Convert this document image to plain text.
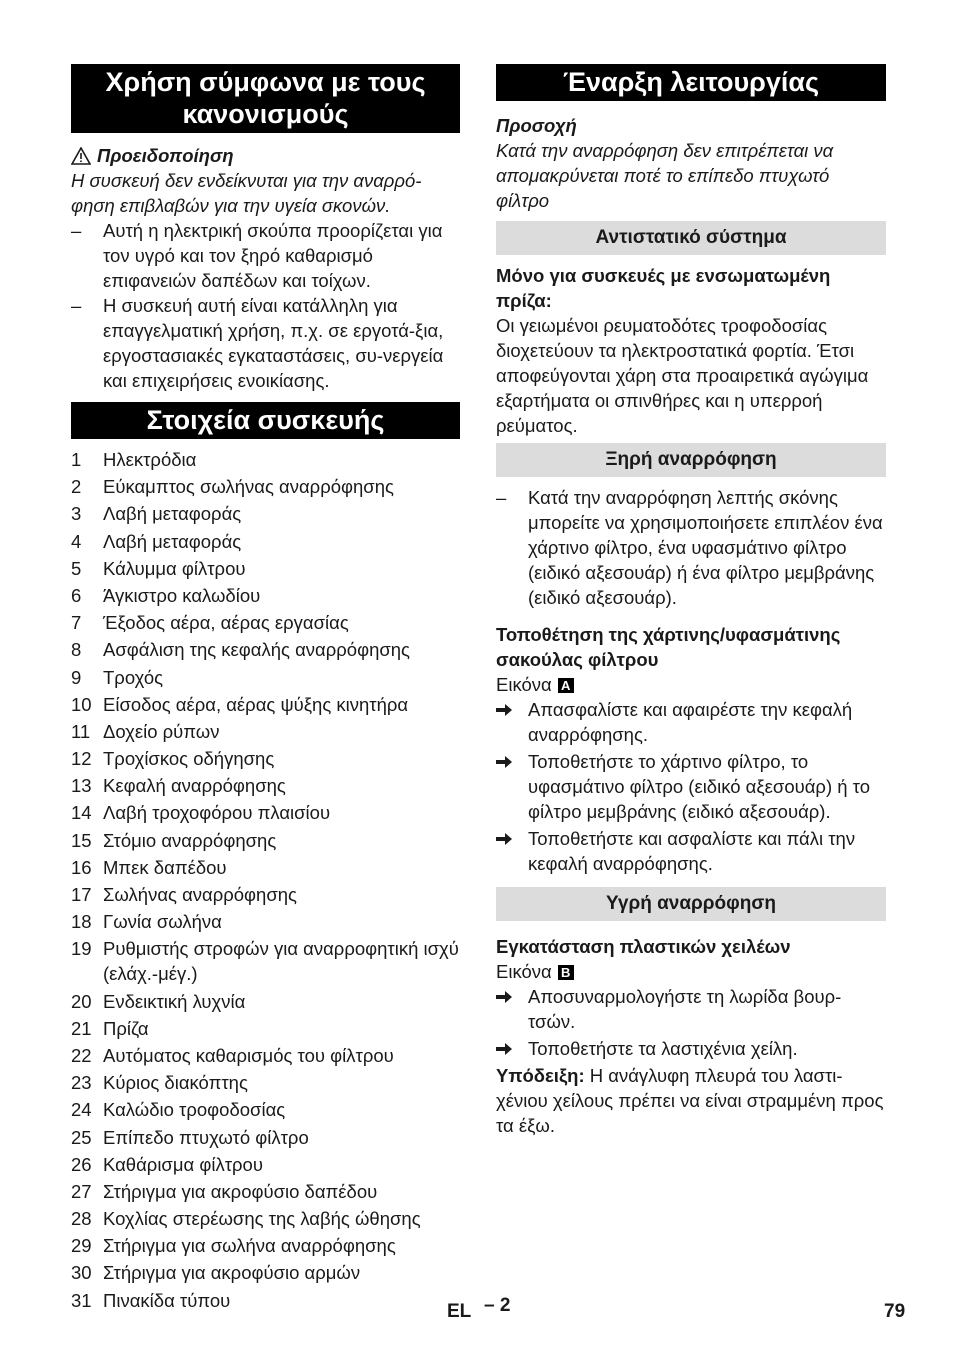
Χρήση σύμφωνα με τους κανονισμούς
Προειδοποίηση

Η συσκευή δεν ενδείκνυται για την αναρρό-φηση επιβλαβών για την υγεία σκονών.

–	Αυτή η ηλεκτρική σκούπα προορίζεται για τον υγρό και τον ξηρό καθαρισμό επιφανειών δαπέδων και τοίχων.
–	Η συσκευή αυτή είναι κατάλληλη για επαγγελματική χρήση, π.χ. σε εργοτά-ξια, εργοστασιακές εγκαταστάσεις, συ-νεργεία και επιχειρήσεις ενοικίασης.
Στοιχεία συσκευής
1 Ηλεκτρόδια
2 Εύκαμπτος σωλήνας αναρρόφησης
3 Λαβή μεταφοράς
4 Λαβή μεταφοράς
5 Κάλυμμα φίλτρου
6 Άγκιστρο καλωδίου
7 Έξοδος αέρα, αέρας εργασίας
8 Ασφάλιση της κεφαλής αναρρόφησης
9 Τροχός
10 Είσοδος αέρα, αέρας ψύξης κινητήρα
11 Δοχείο ρύπων
12 Τροχίσκος οδήγησης
13 Κεφαλή αναρρόφησης
14 Λαβή τροχοφόρου πλαισίου
15 Στόμιο αναρρόφησης
16 Μπεκ δαπέδου
17 Σωλήνας αναρρόφησης
18 Γωνία σωλήνα
19 Ρυθμιστής στροφών για αναρροφητική ισχύ (ελάχ.-μέγ.)
20 Ενδεικτική λυχνία
21 Πρίζα
22 Αυτόματος καθαρισμός του φίλτρου
23 Κύριος διακόπτης
24 Καλώδιο τροφοδοσίας
25 Επίπεδο πτυχωτό φίλτρο
26 Καθάρισμα φίλτρου
27 Στήριγμα για ακροφύσιο δαπέδου
28 Κοχλίας στερέωσης της λαβής ώθησης
29 Στήριγμα για σωλήνα αναρρόφησης
30 Στήριγμα για ακροφύσιο αρμών
31 Πινακίδα τύπου
Έναρξη λειτουργίας

Προσοχή

Κατά την αναρρόφηση δεν επιτρέπεται να απομακρύνεται ποτέ το επίπεδο πτυχωτό φίλτρο

Αντιστατικό σύστημα

Μόνο για συσκευές με ενσωματωμένη πρίζα:

Οι γειωμένοι ρευματοδότες τροφοδοσίας διοχετεύουν τα ηλεκτροστατικά φορτία. Έτσι αποφεύγονται χάρη στα προαιρετικά αγώγιμα εξαρτήματα οι σπινθήρες και η υπερροή ρεύματος.

Ξηρή αναρρόφηση
–	Κατά την αναρρόφηση λεπτής σκόνης μπορείτε να χρησιμοποιήσετε επιπλέον ένα χάρτινο φίλτρο, ένα υφασμάτινο φίλτρο (ειδικό αξεσουάρ) ή ένα φίλτρο μεμβράνης (ειδικό αξεσουάρ).

Τοποθέτηση της χάρτινης/υφασμάτινης σακούλας φίλτρου

Εικόνα A

Απασφαλίστε και αφαιρέστε την κεφαλή αναρρόφησης.
Τοποθετήστε το χάρτινο φίλτρο, το υφασμάτινο φίλτρο (ειδικό αξεσουάρ) ή το φίλτρο μεμβράνης (ειδικό αξεσουάρ).
Τοποθετήστε και ασφαλίστε και πάλι την κεφαλή αναρρόφησης.
Υγρή αναρρόφηση

Εγκατάσταση πλαστικών χειλέων

Εικόνα B

Αποσυναρμολογήστε τη λωρίδα βουρ-τσών.
Τοποθετήστε τα λαστιχένια χείλη.

Υπόδειξη: Η ανάγλυφη πλευρά του λαστι-χένιου χείλους πρέπει να είναι στραμμένη προς τα έξω.

EL – 2	79
